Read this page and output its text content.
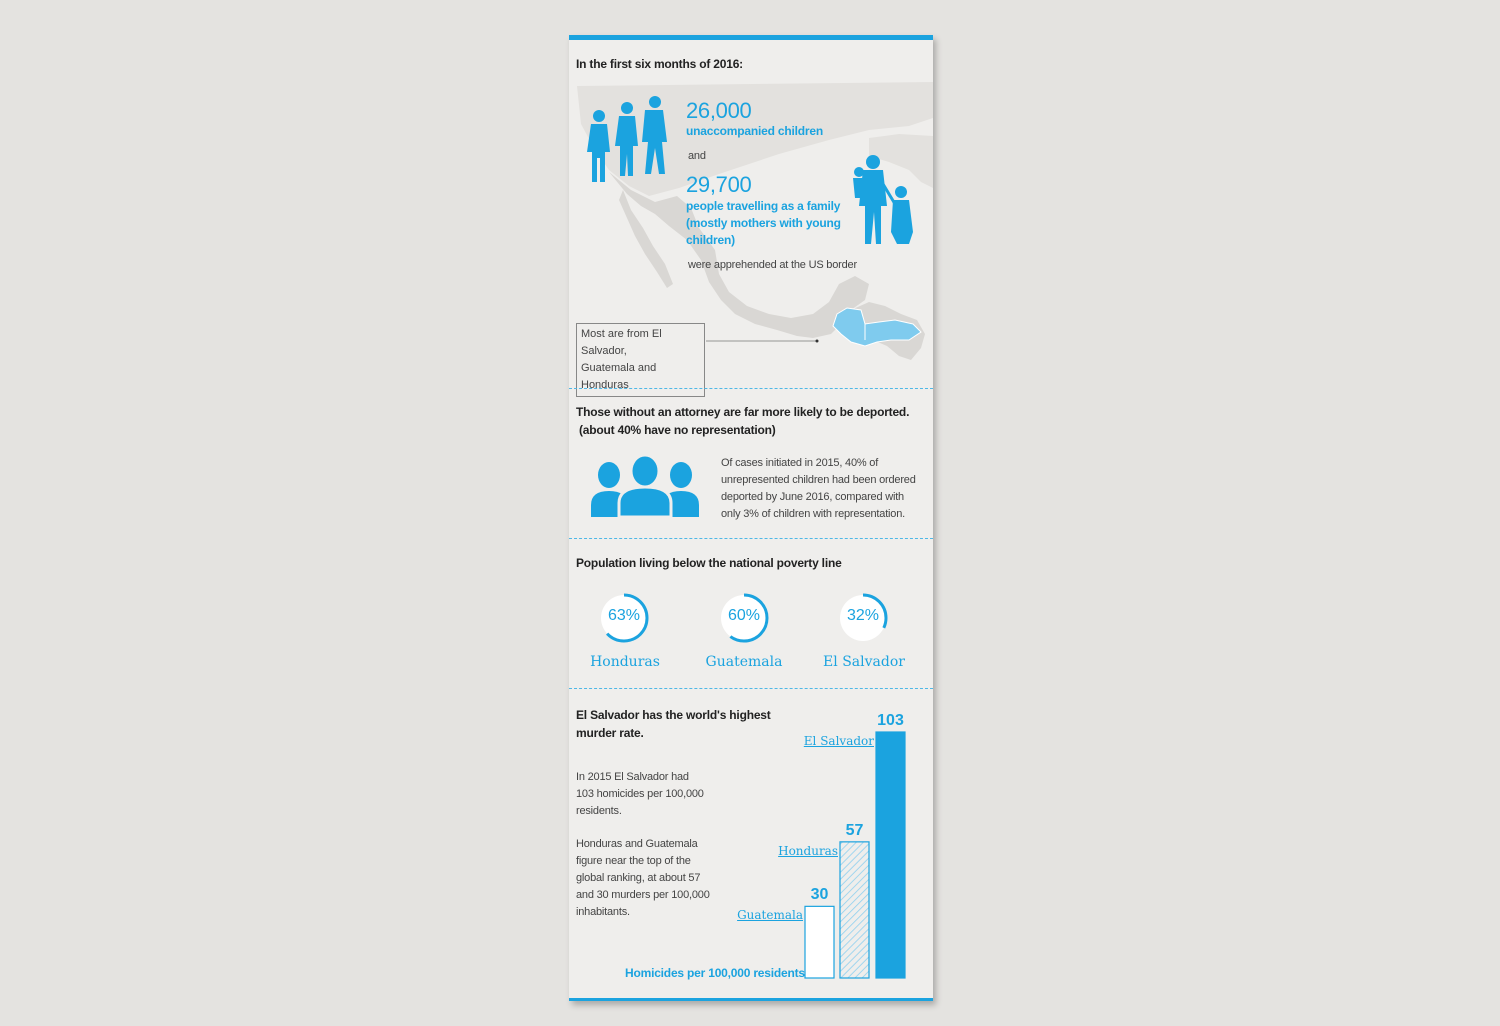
In the first six months of 2016:
26,000
unaccompanied children
and
29,700
people travelling as a family
(mostly mothers with young
children)
were apprehended at the US border
Most are from El Salvador,
Guatemala and Honduras
Those without an attorney are far more likely to be deported.
(about 40% have no representation)
Of cases initiated in 2015, 40% of
unrepresented children had been ordered
deported by June 2016, compared with
only 3% of children with representation.
Population living below the national poverty line
63%	60%	32%
Honduras	Guatemala	El Salvador
El Salvador has the world's highest
murder rate.
In 2015 El Salvador had
103 homicides per 100,000
residents.
Honduras and Guatemala
figure near the top of the
global ranking, at about 57
and 30 murders per 100,000
inhabitants.
30
Guatemala
57
Honduras
103
El Salvador
Homicides per 100,000 residents
